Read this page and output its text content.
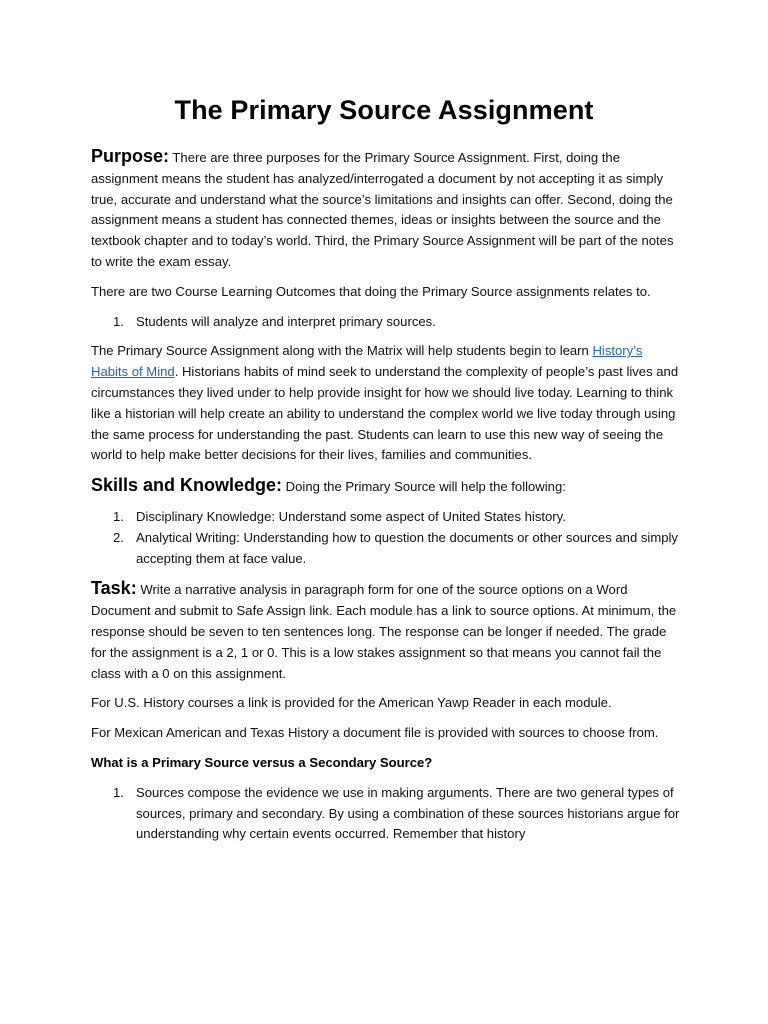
The Primary Source Assignment

Purpose: There are three purposes for the Primary Source Assignment. First, doing the assignment means the student has analyzed/interrogated a document by not accepting it as simply true, accurate and understand what the source’s limitations and insights can offer. Second, doing the assignment means a student has connected themes, ideas or insights between the source and the textbook chapter and to today’s world. Third, the Primary Source Assignment will be part of the notes to write the exam essay.

There are two Course Learning Outcomes that doing the Primary Source assignments relates to.

1. Students will analyze and interpret primary sources.

The Primary Source Assignment along with the Matrix will help students begin to learn History’s Habits of Mind. Historians habits of mind seek to understand the complexity of people’s past lives and circumstances they lived under to help provide insight for how we should live today. Learning to think like a historian will help create an ability to understand the complex world we live today through using the same process for understanding the past. Students can learn to use this new way of seeing the world to help make better decisions for their lives, families and communities.

Skills and Knowledge: Doing the Primary Source will help the following:

1. Disciplinary Knowledge: Understand some aspect of United States history.
2. Analytical Writing: Understanding how to question the documents or other sources and simply accepting them at face value.

Task: Write a narrative analysis in paragraph form for one of the source options on a Word Document and submit to Safe Assign link. Each module has a link to source options. At minimum, the response should be seven to ten sentences long. The response can be longer if needed. The grade for the assignment is a 2, 1 or 0. This is a low stakes assignment so that means you cannot fail the class with a 0 on this assignment.

For U.S. History courses a link is provided for the American Yawp Reader in each module.

For Mexican American and Texas History a document file is provided with sources to choose from.

What is a Primary Source versus a Secondary Source?

1. Sources compose the evidence we use in making arguments. There are two general types of sources, primary and secondary. By using a combination of these sources historians argue for understanding why certain events occurred. Remember that history
